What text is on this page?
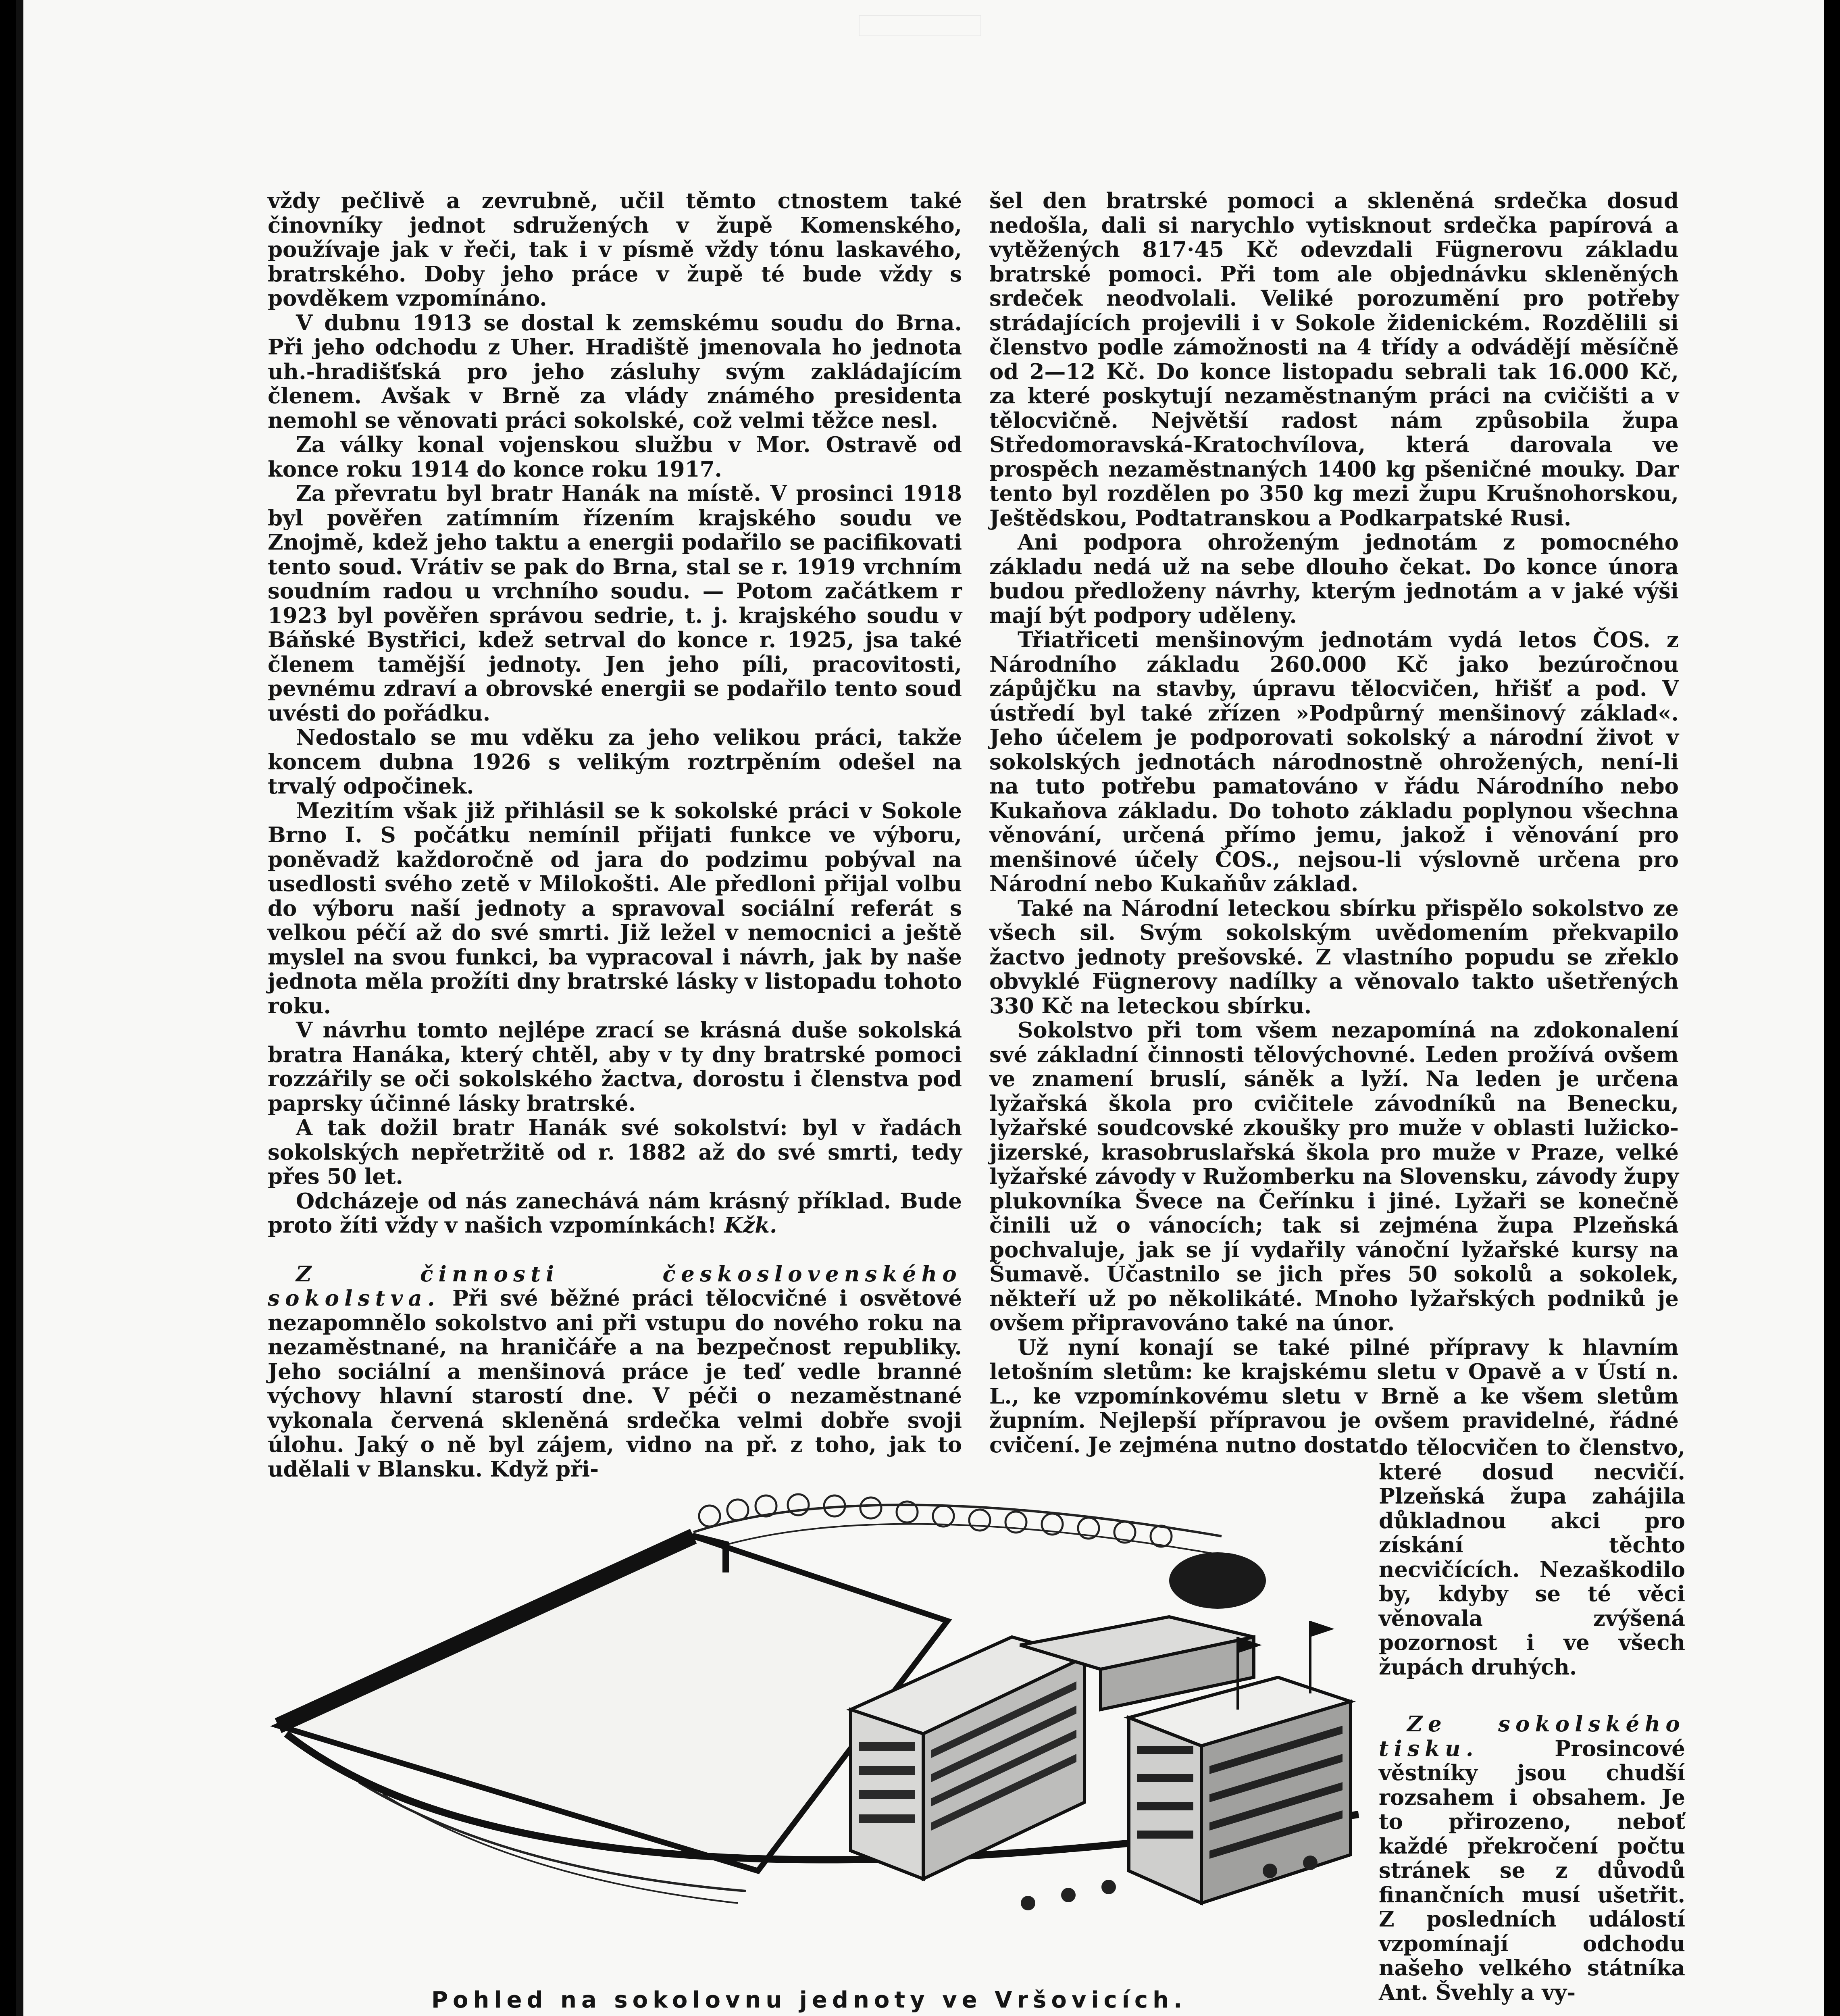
vždy pečlivě a zevrubně, učil těmto ctnostem také činovníky jednot sdružených v župě Komenského, používaje jak v řeči, tak i v písmě vždy tónu laskavého, bratrského. Doby jeho práce v župě té bude vždy s povděkem vzpomínáno.

V dubnu 1913 se dostal k zemskému soudu do Brna. Při jeho odchodu z Uher. Hradiště jmenovala ho jednota uh.-hradišťská pro jeho zásluhy svým zakládajícím členem. Avšak v Brně za vlády známého presidenta nemohl se věnovati práci sokolské, což velmi těžce nesl.

Za války konal vojenskou službu v Mor. Ostravě od konce roku 1914 do konce roku 1917.

Za převratu byl bratr Hanák na místě. V prosinci 1918 byl pověřen zatímním řízením krajského soudu ve Znojmě, kdež jeho taktu a energii podařilo se pacifikovati tento soud. Vrátiv se pak do Brna, stal se r. 1919 vrchním soudním radou u vrchního soudu. — Potom začátkem r 1923 byl pověřen správou sedrie, t. j. krajského soudu v Báňské Bystřici, kdež setrval do konce r. 1925, jsa také členem tamější jednoty. Jen jeho píli, pracovitosti, pevnému zdraví a obrovské energii se podařilo tento soud uvésti do pořádku.

Nedostalo se mu vděku za jeho velikou práci, takže koncem dubna 1926 s velikým roztrpěním odešel na trvalý odpočinek.

Mezitím však již přihlásil se k sokolské práci v Sokole Brno I. S počátku nemínil přijati funkce ve výboru, poněvadž každoročně od jara do podzimu pobýval na usedlosti svého zetě v Milokošti. Ale předloni přijal volbu do výboru naší jednoty a spravoval sociální referát s velkou péčí až do své smrti. Již ležel v nemocnici a ještě myslel na svou funkci, ba vypracoval i návrh, jak by naše jednota měla prožíti dny bratrské lásky v listopadu tohoto roku.

V návrhu tomto nejlépe zrací se krásná duše sokolská bratra Hanáka, který chtěl, aby v ty dny bratrské pomoci rozzářily se oči sokolského žactva, dorostu i členstva pod paprsky účinné lásky bratrské.

A tak dožil bratr Hanák své sokolství: byl v řadách sokolských nepřetržitě od r. 1882 až do své smrti, tedy přes 50 let.

Odcházeje od nás zanechává nám krásný příklad. Bude proto žíti vždy v našich vzpomínkách! Kžk.

Z činnosti československého sokolstva. Při své běžné práci tělocvičné i osvětové nezapomnělo sokolstvo ani při vstupu do nového roku na nezaměstnané, na hraničáře a na bezpečnost republiky. Jeho sociální a menšinová práce je teď vedle branné výchovy hlavní starostí dne. V péči o nezaměstnané vykonala červená skleněná srdečka velmi dobře svoji úlohu. Jaký o ně byl zájem, vidno na př. z toho, jak to udělali v Blansku. Když při-

šel den bratrské pomoci a skleněná srdečka dosud nedošla, dali si narychlo vytisknout srdečka papírová a vytěžených 817·45 Kč odevzdali Fügnerovu základu bratrské pomoci. Při tom ale objednávku skleněných srdeček neodvolali. Veliké porozumění pro potřeby strádajících projevili i v Sokole židenickém. Rozdělili si členstvo podle zámožnosti na 4 třídy a odvádějí měsíčně od 2—12 Kč. Do konce listopadu sebrali tak 16.000 Kč, za které poskytují nezaměstnaným práci na cvičišti a v tělocvičně. Největší radost nám způsobila župa Středomoravská-Kratochvílova, která darovala ve prospěch nezaměstnaných 1400 kg pšeničné mouky. Dar tento byl rozdělen po 350 kg mezi župu Krušnohorskou, Ještědskou, Podtatranskou a Podkarpatské Rusi.

Ani podpora ohroženým jednotám z pomocného základu nedá už na sebe dlouho čekat. Do konce února budou předloženy návrhy, kterým jednotám a v jaké výši mají být podpory uděleny.

Třiatřiceti menšinovým jednotám vydá letos ČOS. z Národního základu 260.000 Kč jako bezúročnou zápůjčku na stavby, úpravu tělocvičen, hřišť a pod. V ústředí byl také zřízen »Podpůrný menšinový základ«. Jeho účelem je podporovati sokolský a národní život v sokolských jednotách národnostně ohrožených, není-li na tuto potřebu pamatováno v řádu Národního nebo Kukaňova základu. Do tohoto základu poplynou všechna věnování, určená přímo jemu, jakož i věnování pro menšinové účely ČOS., nejsou-li výslovně určena pro Národní nebo Kukaňův základ.

Také na Národní leteckou sbírku přispělo sokolstvo ze všech sil. Svým sokolským uvědomením překvapilo žactvo jednoty prešovské. Z vlastního popudu se zřeklo obvyklé Fügnerovy nadílky a věnovalo takto ušetřených 330 Kč na leteckou sbírku.

Sokolstvo při tom všem nezapomíná na zdokonalení své základní činnosti tělovýchovné. Leden prožívá ovšem ve znamení bruslí, sáněk a lyží. Na leden je určena lyžařská škola pro cvičitele závodníků na Benecku, lyžařské soudcovské zkoušky pro muže v oblasti lužicko-jizerské, krasobruslařská škola pro muže v Praze, velké lyžařské závody v Ružomberku na Slovensku, závody župy plukovníka Švece na Čeřínku i jiné. Lyžaři se konečně činili už o vánocích; tak si zejména župa Plzeňská pochvaluje, jak se jí vydařily vánoční lyžařské kursy na Šumavě. Účastnilo se jich přes 50 sokolů a sokolek, někteří už po několikáté. Mnoho lyžařských podniků je ovšem připravováno také na únor.

Už nyní konají se také pilné přípravy k hlavním letošním sletům: ke krajskému sletu v Opavě a v Ústí n. L., ke vzpomínkovému sletu v Brně a ke všem sletům župním. Nejlepší přípravou je ovšem pravidelné, řádné cvičení. Je zejména nutno dostat do tělocvičen to členstvo, které dosud necvičí. Plzeňská župa zahájila důkladnou akci pro získání těchto necvičících. Nezaškodilo by, kdyby se té věci věnovala zvýšená pozornost i ve všech župách druhých.

Ze sokolského tisku.	Prosincové věstníky jsou chudší rozsahem i obsahem. Je to přirozeno, neboť každé překročení počtu stránek se z důvodů finančních musí ušetřit. Z posledních událostí vzpomínají odchodu našeho velkého státníka Ant. Švehly a vy-

Pohled na sokolovnu jednoty ve Vršovicích.
